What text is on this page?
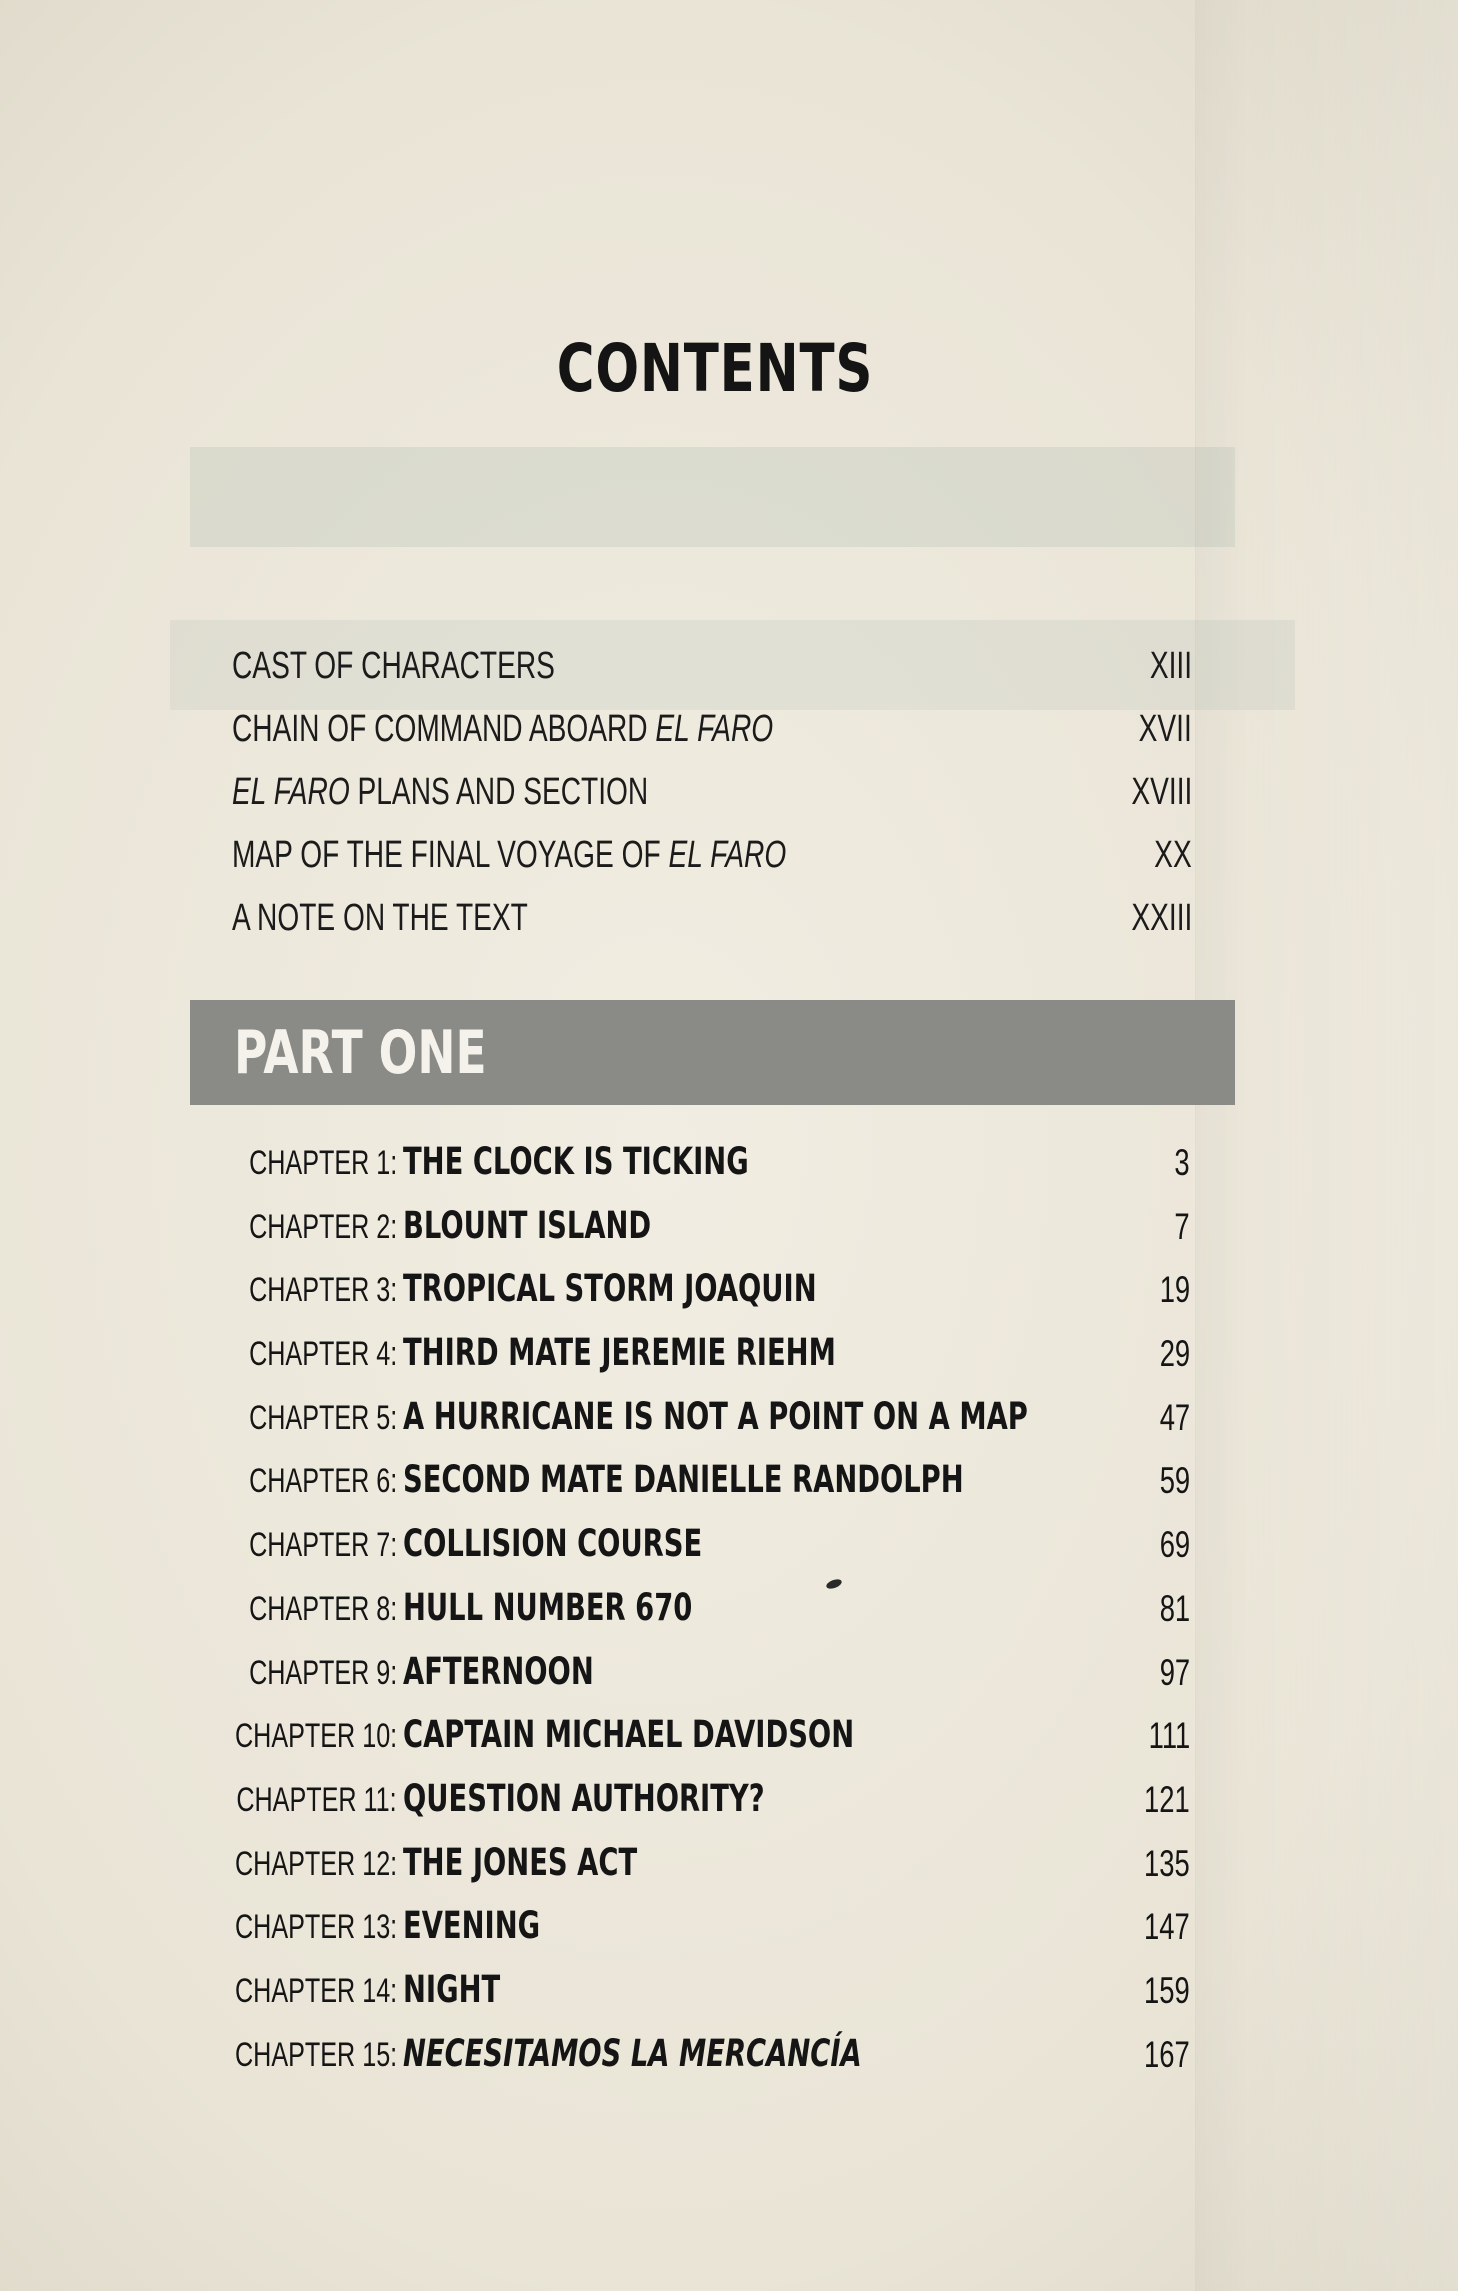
CONTENTS
CAST OF CHARACTERS	XIII
CHAIN OF COMMAND ABOARD EL FARO	XVII
EL FARO PLANS AND SECTION	XVIII
MAP OF THE FINAL VOYAGE OF EL FARO	XX
A NOTE ON THE TEXT	XXIII
PART ONE
CHAPTER 1: THE CLOCK IS TICKING	3
CHAPTER 2: BLOUNT ISLAND	7
CHAPTER 3: TROPICAL STORM JOAQUIN	19
CHAPTER 4: THIRD MATE JEREMIE RIEHM	29
CHAPTER 5: A HURRICANE IS NOT A POINT ON A MAP	47
CHAPTER 6: SECOND MATE DANIELLE RANDOLPH	59
CHAPTER 7: COLLISION COURSE	69
CHAPTER 8: HULL NUMBER 670	81
CHAPTER 9: AFTERNOON	97
CHAPTER 10: CAPTAIN MICHAEL DAVIDSON	111
CHAPTER 11: QUESTION AUTHORITY?	121
CHAPTER 12: THE JONES ACT	135
CHAPTER 13: EVENING	147
CHAPTER 14: NIGHT	159
CHAPTER 15: NECESITAMOS LA MERCANCÍA	167
